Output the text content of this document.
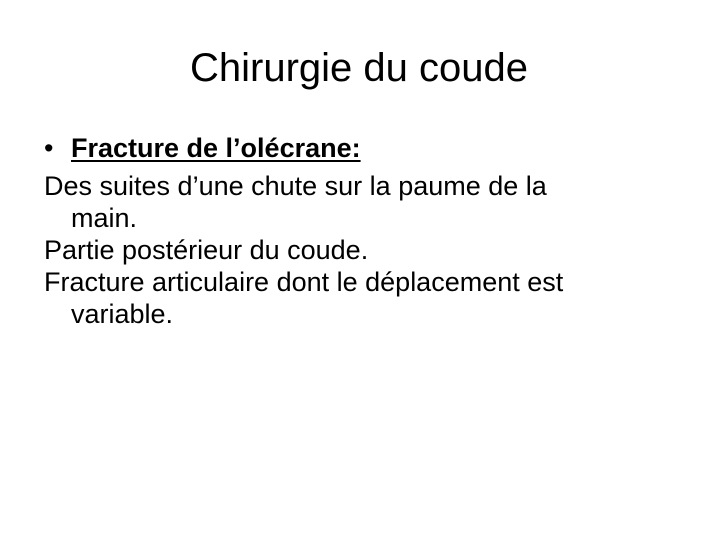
Chirurgie du coude
• Fracture de l’olécrane:
Des suites d’une chute sur la paume de la
main.
Partie postérieur du coude.
Fracture articulaire dont le déplacement est
variable.
